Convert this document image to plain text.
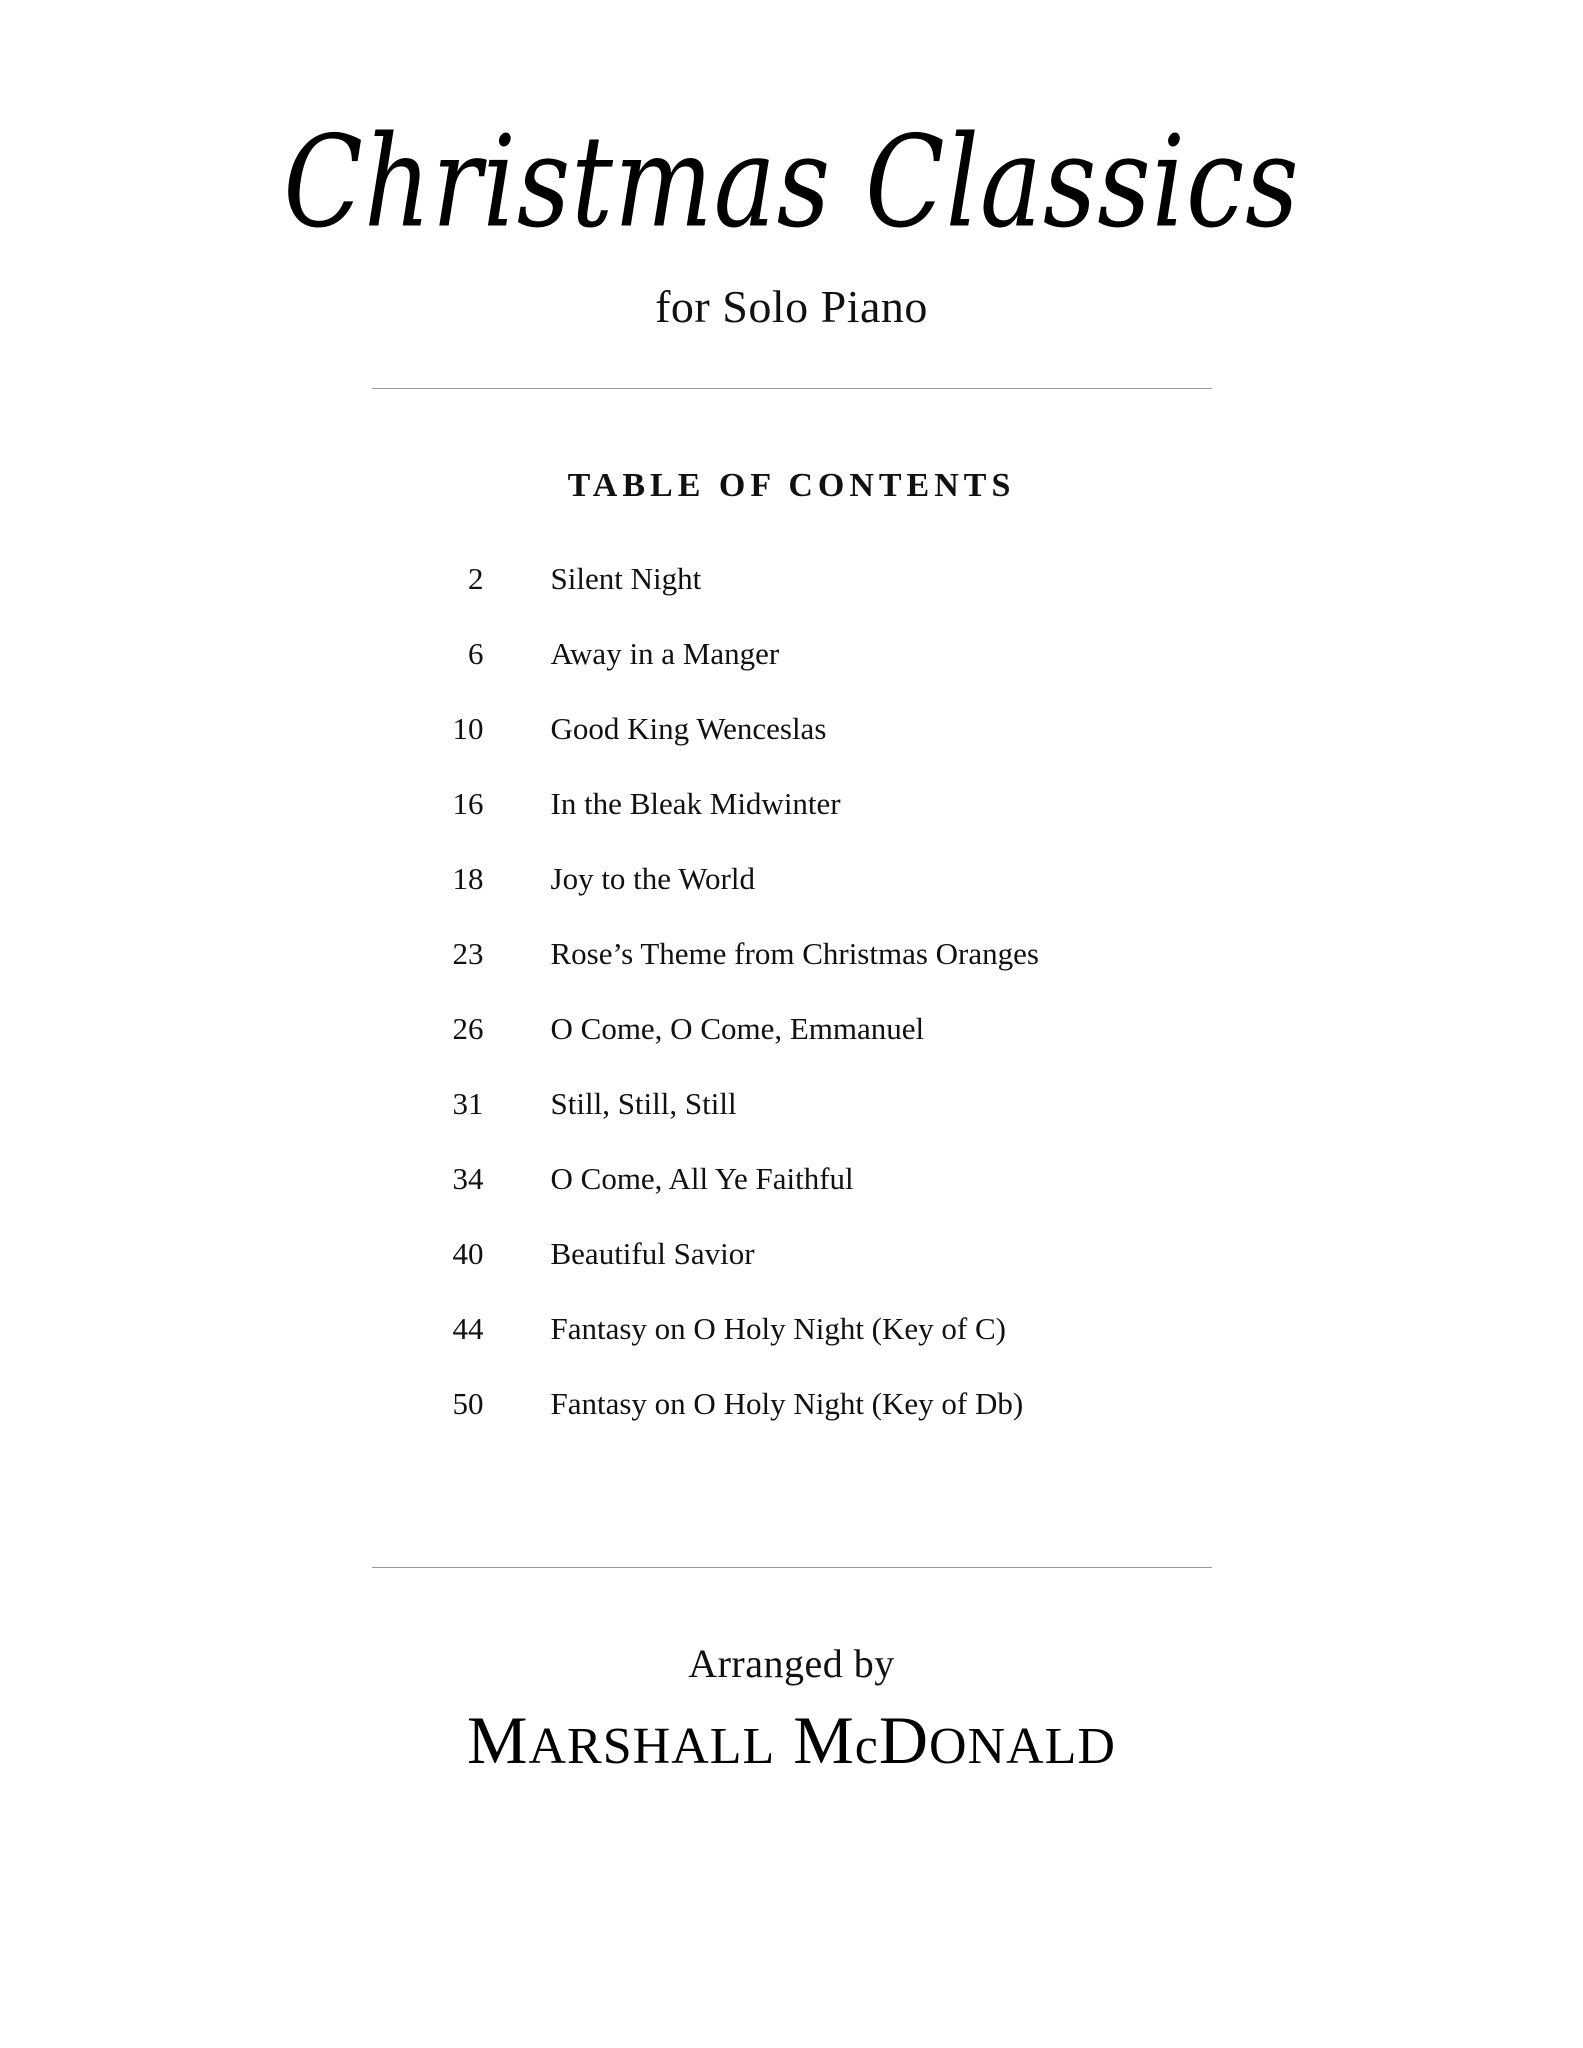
Christmas Classics

for Solo Piano

TABLE OF CONTENTS
2	Silent Night
6	Away in a Manger
10	Good King Wenceslas
16	In the Bleak Midwinter
18	Joy to the World
23	Rose’s Theme from Christmas Oranges
26	O Come, O Come, Emmanuel
31	Still, Still, Still
34	O Come, All Ye Faithful
40	Beautiful Savior
44	Fantasy on O Holy Night (Key of C)
50	Fantasy on O Holy Night (Key of Db)

Arranged by

MARSHALL McDONALD
